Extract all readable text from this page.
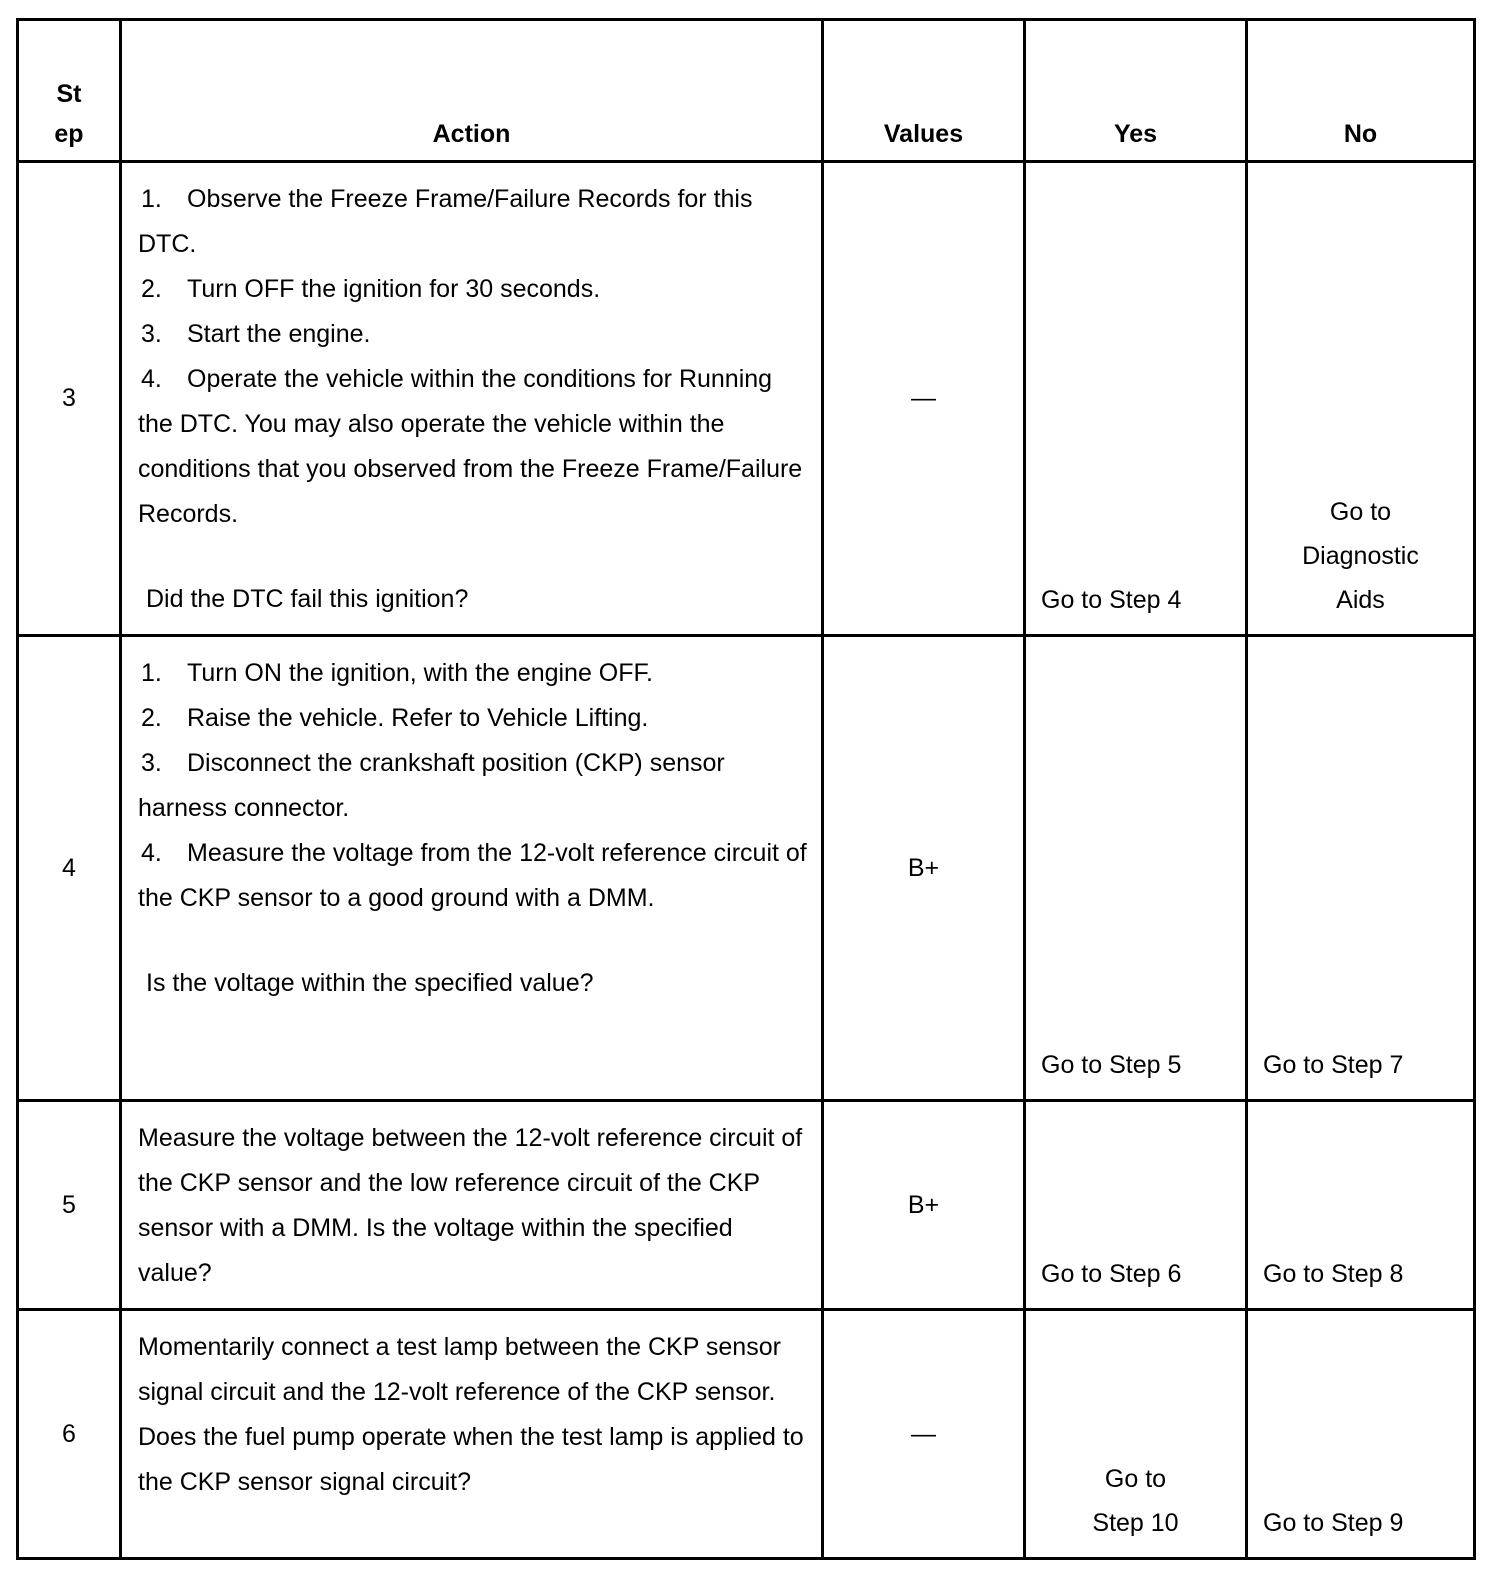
St ep	Action	Values	Yes	No

3	1. Observe the Freeze Frame/Failure Records for this DTC.

2. Turn OFF the ignition for 30 seconds.

3. Start the engine.

4. Operate the vehicle within the conditions for Running the DTC. You may also operate the vehicle within the conditions that you observed from the Freeze Frame/Failure Records.

Did the DTC fail this ignition?	—	Go to Step 4	Go to Diagnostic Aids

4	1. Turn ON the ignition, with the engine OFF.

2. Raise the vehicle. Refer to Vehicle Lifting.

3. Disconnect the crankshaft position (CKP) sensor harness connector.

4. Measure the voltage from the 12-volt reference circuit of the CKP sensor to a good ground with a DMM.

Is the voltage within the specified value?	B+	Go to Step 5	Go to Step 7

5	Measure the voltage between the 12-volt reference circuit of the CKP sensor and the low reference circuit of the CKP sensor with a DMM. Is the voltage within the specified value?	B+	Go to Step 6	Go to Step 8

6	Momentarily connect a test lamp between the CKP sensor signal circuit and the 12-volt reference of the CKP sensor. Does the fuel pump operate when the test lamp is applied to the CKP sensor signal circuit?	—	Go to Step 10	Go to Step 9
